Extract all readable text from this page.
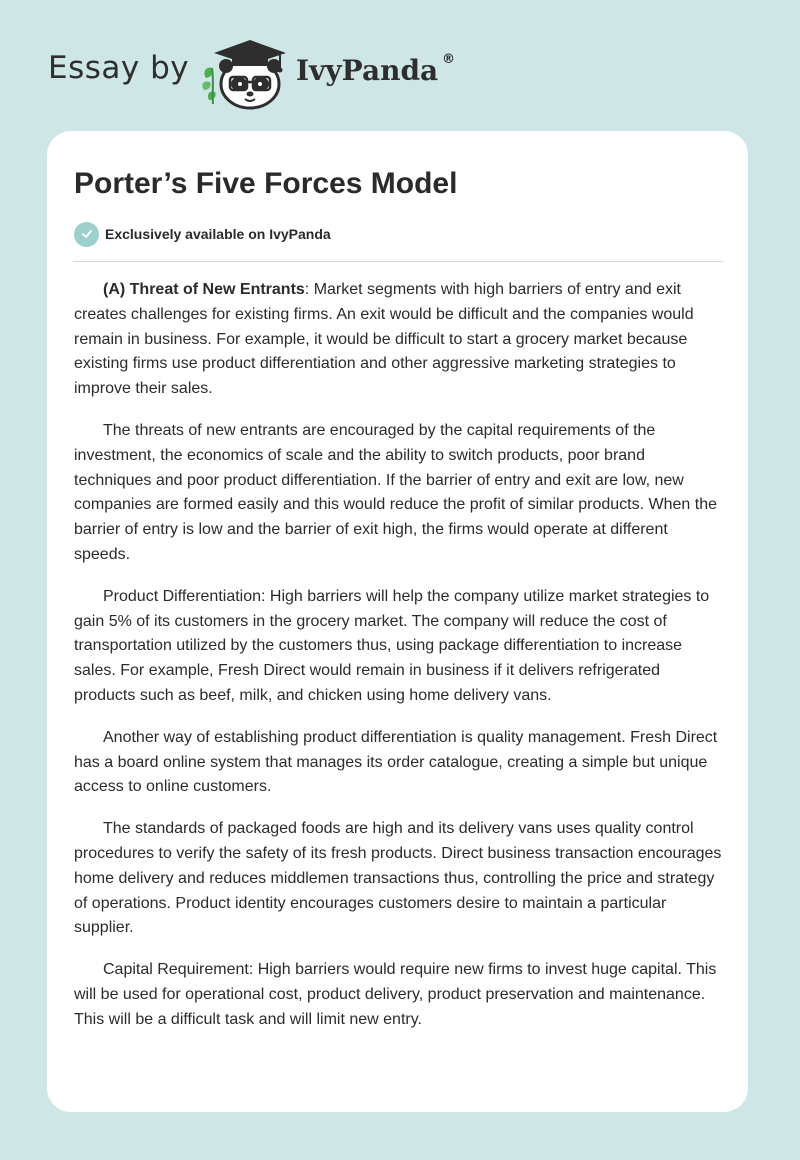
Essay by	IvyPanda ®
Porter’s Five Forces Model
Exclusively available on IvyPanda

(A) Threat of New Entrants: Market segments with high barriers of entry and exit creates challenges for existing firms. An exit would be difficult and the companies would remain in business. For example, it would be difficult to start a grocery market because existing firms use product differentiation and other aggressive marketing strategies to improve their sales.

The threats of new entrants are encouraged by the capital requirements of the investment, the economics of scale and the ability to switch products, poor brand techniques and poor product differentiation. If the barrier of entry and exit are low, new companies are formed easily and this would reduce the profit of similar products. When the barrier of entry is low and the barrier of exit high, the firms would operate at different speeds.

Product Differentiation: High barriers will help the company utilize market strategies to gain 5% of its customers in the grocery market. The company will reduce the cost of transportation utilized by the customers thus, using package differentiation to increase sales. For example, Fresh Direct would remain in business if it delivers refrigerated products such as beef, milk, and chicken using home delivery vans.

Another way of establishing product differentiation is quality management. Fresh Direct has a board online system that manages its order catalogue, creating a simple but unique access to online customers.

The standards of packaged foods are high and its delivery vans uses quality control procedures to verify the safety of its fresh products. Direct business transaction encourages home delivery and reduces middlemen transactions thus, controlling the price and strategy of operations. Product identity encourages customers desire to maintain a particular supplier.

Capital Requirement: High barriers would require new firms to invest huge capital. This will be used for operational cost, product delivery, product preservation and maintenance. This will be a difficult task and will limit new entry.
